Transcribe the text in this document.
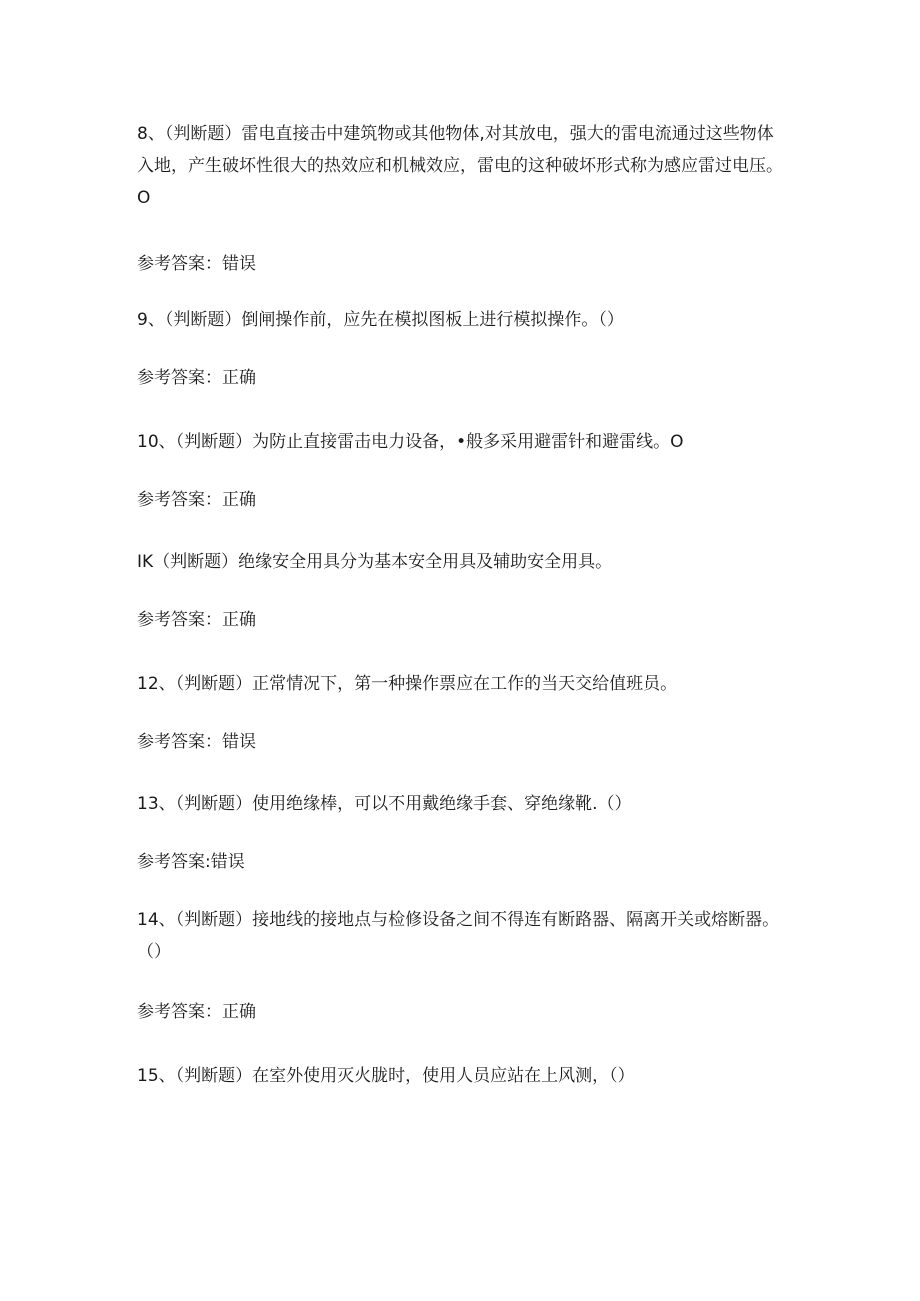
8、（判断题）雷电直接击中建筑物或其他物体,对其放电，强大的雷电流通过这些物体入地，产生破坏性很大的热效应和机械效应，雷电的这种破坏形式称为感应雷过电压。O
参考答案：错误
9、（判断题）倒闸操作前，应先在模拟图板上进行模拟操作。（）
参考答案：正确
10、（判断题）为防止直接雷击电力设备，•般多采用避雷针和避雷线。O
参考答案：正确
IK（判断题）绝缘安全用具分为基本安全用具及辅助安全用具。
参考答案：正确
12、（判断题）正常情况下，第一种操作票应在工作的当天交给值班员。
参考答案：错误
13、（判断题）使用绝缘棒，可以不用戴绝缘手套、穿绝缘靴.（）
参考答案:错误
14、（判断题）接地线的接地点与检修设备之间不得连有断路器、隔离开关或熔断器。（）
参考答案：正确
15、（判断题）在室外使用灭火胧时，使用人员应站在上风测，（）
